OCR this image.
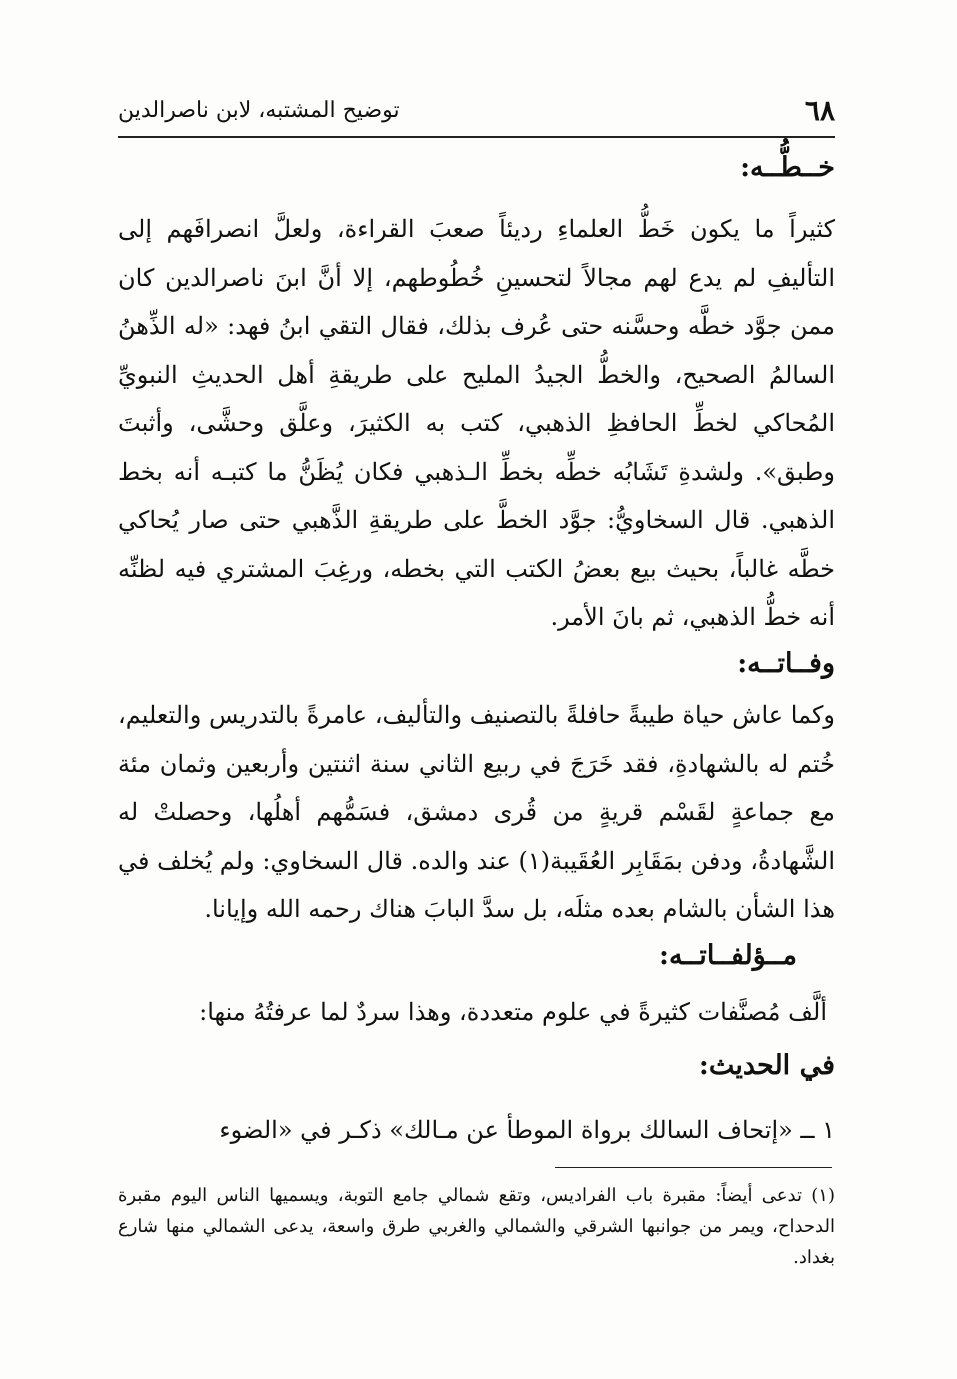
٦٨
توضيح المشتبه، لابن ناصرالدين
خــطُّــه:
كثيراً ما يكون خَطُّ العلماءِ رديئاً صعبَ القراءة، ولعلَّ انصرافَهم إلى التأليفِ لم يدع لهم مجالاً لتحسينِ خُطُوطهم، إلا أنَّ ابنَ ناصرالدين كان ممن جوَّد خطَّه وحسَّنه حتى عُرف بذلك، فقال التقي ابنُ فهد: «له الذِّهنُ السالمُ الصحيح، والخطُّ الجيدُ المليح على طريقةِ أهل الحديثِ النبويِّ المُحاكي لخطِّ الحافظِ الذهبي، كتب به الكثيرَ، وعلَّق وحشَّى، وأثبتَ وطبق». ولشدةِ تَشَابُه خطِّه بخطِّ الـذهبي فكان يُظَنُّ ما كتبـه أنه بخط الذهبي. قال السخاويُّ: جوَّد الخطَّ على طريقةِ الذَّهبي حتى صار يُحاكي خطَّه غالباً، بحيث بيع بعضُ الكتب التي بخطه، ورغِبَ المشتري فيه لظنِّه أنه خطُّ الذهبي، ثم بانَ الأمر.
وفــاتــه:
وكما عاش حياة طيبةً حافلةً بالتصنيف والتأليف، عامرةً بالتدريس والتعليم، خُتم له بالشهادةِ، فقد خَرَجَ في ربيع الثاني سنة اثنتين وأربعين وثمان مئة مع جماعةٍ لقَسْم قريةٍ من قُرى دمشق، فسَمُّهم أهلُها، وحصلتْ له الشَّهادةُ، ودفن بمَقَابِر العُقَيبة(١) عند والده. قال السخاوي: ولم يُخلف في هذا الشأن بالشام بعده مثلَه، بل سدَّ البابَ هناك رحمه الله وإيانا.
مــؤلفــاتــه:
ألَّف مُصنَّفات كثيرةً في علوم متعددة، وهذا سردٌ لما عرفتُهُ منها:
في الحديث:
١ ــ «إتحاف السالك برواة الموطأ عن مـالك» ذكـر في «الضوء
(١) تدعى أيضاً: مقبرة باب الفراديس، وتقع شمالي جامع التوبة، ويسميها الناس اليوم مقبرة الدحداح، ويمر من جوانبها الشرقي والشمالي والغربي طرق واسعة، يدعى الشمالي منها شارع بغداد.
